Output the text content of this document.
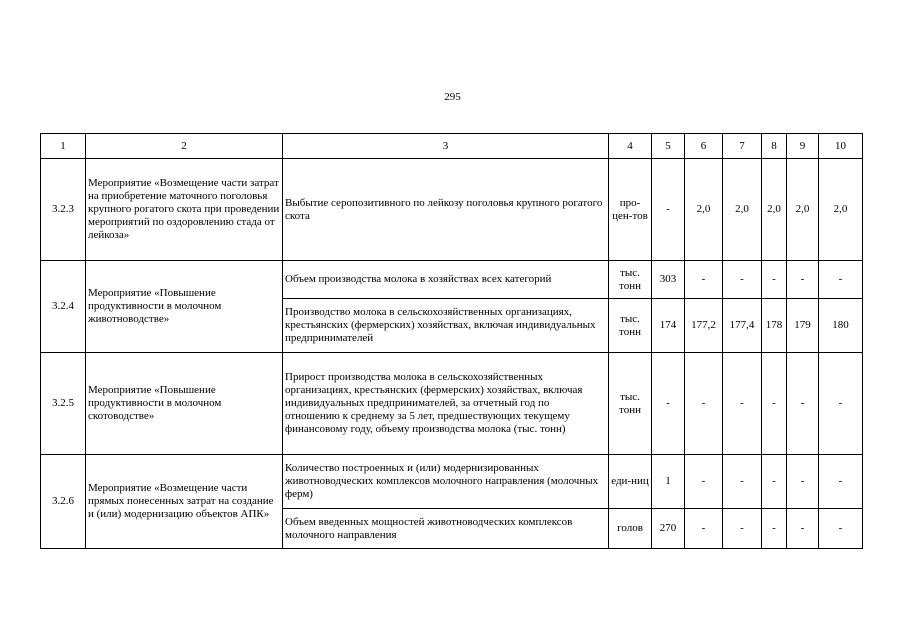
295
1	2	3	4	5	6	7	8	9	10
3.2.3	Мероприятие «Возмещение части затрат на приобретение маточного поголовья крупного рогатого скота при проведении мероприятий по оздоровлению стада от лейкоза»	Выбытие серопозитивного по лейкозу поголовья крупного рогатого скота	про-цен-тов	-	2,0	2,0	2,0	2,0	2,0
3.2.4	Мероприятие «Повышение продуктивности в молочном животноводстве»	Объем производства молока в хозяйствах всех категорий	тыс. тонн	303	-	-	-	-	-
		Производство молока в сельскохозяйственных организациях, крестьянских (фермерских) хозяйствах, включая индивидуальных предпринимателей	тыс. тонн	174	177,2	177,4	178	179	180
3.2.5	Мероприятие «Повышение продуктивности в молочном скотоводстве»	Прирост производства молока в сельскохозяйственных организациях, крестьянских (фермерских) хозяйствах, включая индивидуальных предпринимателей, за отчетный год по отношению к среднему за 5 лет, предшествующих текущему финансовому году, объему производства молока (тыс. тонн)	тыс. тонн	-	-	-	-	-	-
3.2.6	Мероприятие «Возмещение части прямых понесенных затрат на создание и (или) модернизацию объектов АПК»	Количество построенных и (или) модернизированных животноводческих комплексов молочного направления (молочных ферм)	еди-ниц	1	-	-	-	-	-
		Объем введенных мощностей животноводческих комплексов молочного направления	голов	270	-	-	-	-	-
